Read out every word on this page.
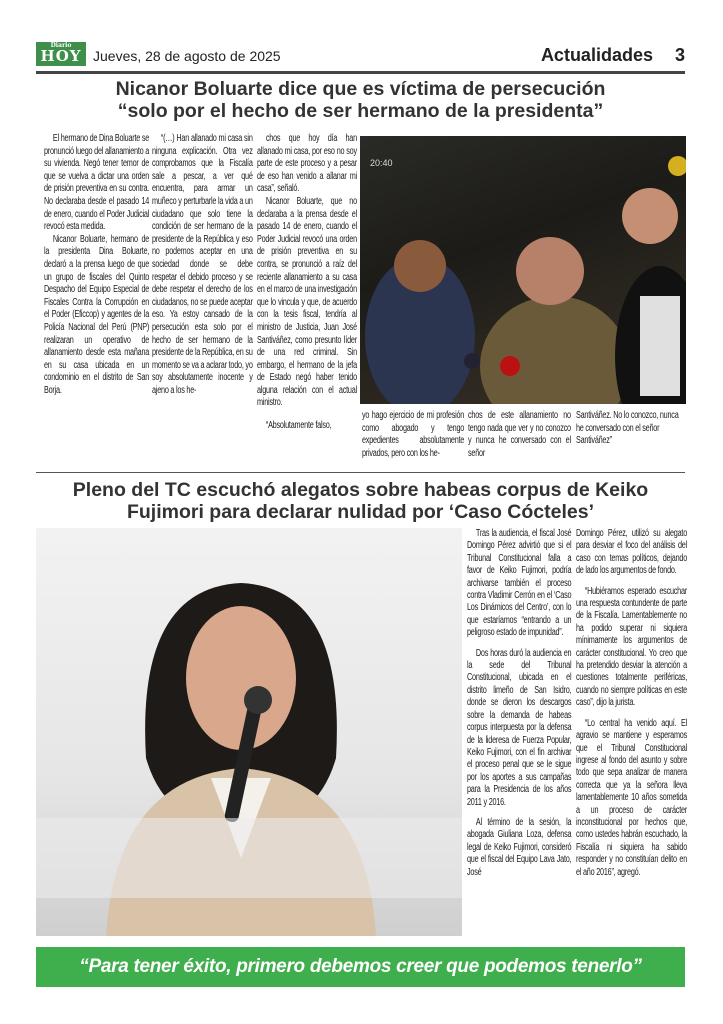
Diario
HOY Jueves, 28 de agosto de 2025	Actualidades 3
Nicanor Boluarte dice que es víctima de persecución
“solo por el hecho de ser hermano de la presidenta”

El hermano de Dina Boluarte se pronunció luego del allanamiento a su vivienda. Negó tener temor de que se vuelva a dictar una orden de prisión preventiva en su contra. No declaraba desde el pasado 14 de enero, cuando el Poder Judicial revocó esta medida.

Nicanor Boluarte, hermano de la presidenta Dina Boluarte, declaró a la prensa luego de que un grupo de fiscales del Quinto Despacho del Equipo Especial de Fiscales Contra la Corrupción en el Poder (Eficcop) y agentes de la Policía Nacional del Perú (PNP) realizaran un operativo de allanamiento desde esta mañana en su casa ubicada en un condominio en el distrito de San Borja.

“(…) Han allanado mi casa sin ninguna explicación. Otra vez comprobamos que la Fiscalía sale a pescar, a ver qué encuentra, para armar un muñeco y perturbarle la vida a un ciudadano que solo tiene la condición de ser hermano de la presidente de la República y eso no podemos aceptar en una sociedad donde se debe respetar el debido proceso y se debe respetar el derecho de los ciudadanos, no se puede aceptar eso. Ya estoy cansado de la persecución esta solo por el hecho de ser hermano de la presidente de la República, en su momento se va a aclarar todo, yo soy absolutamente inocente y ajeno a los he-

chos que hoy día han allanado mi casa, por eso no soy parte de este proceso y a pesar de eso han venido a allanar mi casa”, señaló.

Nicanor Boluarte, que no declaraba a la prensa desde el pasado 14 de enero, cuando el Poder Judicial revocó una orden de prisión preventiva en su contra, se pronunció a raíz del reciente allanamiento a su casa en el marco de una investigación que lo vincula y que, de acuerdo con la tesis fiscal, tendría al ministro de Justicia, Juan José Santiváñez, como presunto líder de una red criminal. Sin embargo, el hermano de la jefa de Estado negó haber tenido alguna relación con el actual ministro.

“Absolutamente falso,

20:40

yo hago ejercicio de mi profesión como abogado y tengo expedientes absolutamente privados, pero con los he-

chos de este allanamiento no tengo nada que ver y no conozco y nunca he conversado con el señor

Santiváñez. No lo conozco, nunca he conversado con el señor Santiváñez”

Pleno del TC escuchó alegatos sobre habeas corpus de Keiko
Fujimori para declarar nulidad por ‘Caso Cócteles’

Tras la audiencia, el fiscal José Domingo Pérez advirtió que si el Tribunal Constitucional falla a favor de Keiko Fujimori, podría archivarse también el proceso contra Vladimir Cerrón en el ‘Caso Los Dinámicos del Centro’, con lo que estaríamos “entrando a un peligroso estado de impunidad”.

Dos horas duró la audiencia en la sede del Tribunal Constitucional, ubicada en el distrito limeño de San Isidro, donde se dieron los descargos sobre la demanda de habeas corpus interpuesta por la defensa de la lideresa de Fuerza Popular, Keiko Fujimori, con el fin archivar el proceso penal que se le sigue por los aportes a sus campañas para la Presidencia de los años 2011 y 2016.

Al término de la sesión, la abogada Giuliana Loza, defensa legal de Keiko Fujimori, consideró que el fiscal del Equipo Lava Jato, José

Domingo Pérez, utilizó su alegato para desviar el foco del análisis del caso con temas políticos, dejando de lado los argumentos de fondo.

“Hubiéramos esperado escuchar una respuesta contundente de parte de la Fiscalía. Lamentablemente no ha podido superar ni siquiera mínimamente los argumentos de carácter constitucional. Yo creo que ha pretendido desviar la atención a cuestiones totalmente periféricas, cuando no siempre políticas en este caso”, dijo la jurista.

“Lo central ha venido aquí. El agravio se mantiene y esperamos que el Tribunal Constitucional ingrese al fondo del asunto y sobre todo que sepa analizar de manera correcta que ya la señora lleva lamentablemente 10 años sometida a un proceso de carácter inconstitucional por hechos que, como ustedes habrán escuchado, la Fiscalía ni siquiera ha sabido responder y no constituían delito en el año 2016”, agregó.

“Para tener éxito, primero debemos creer que podemos tenerlo”
